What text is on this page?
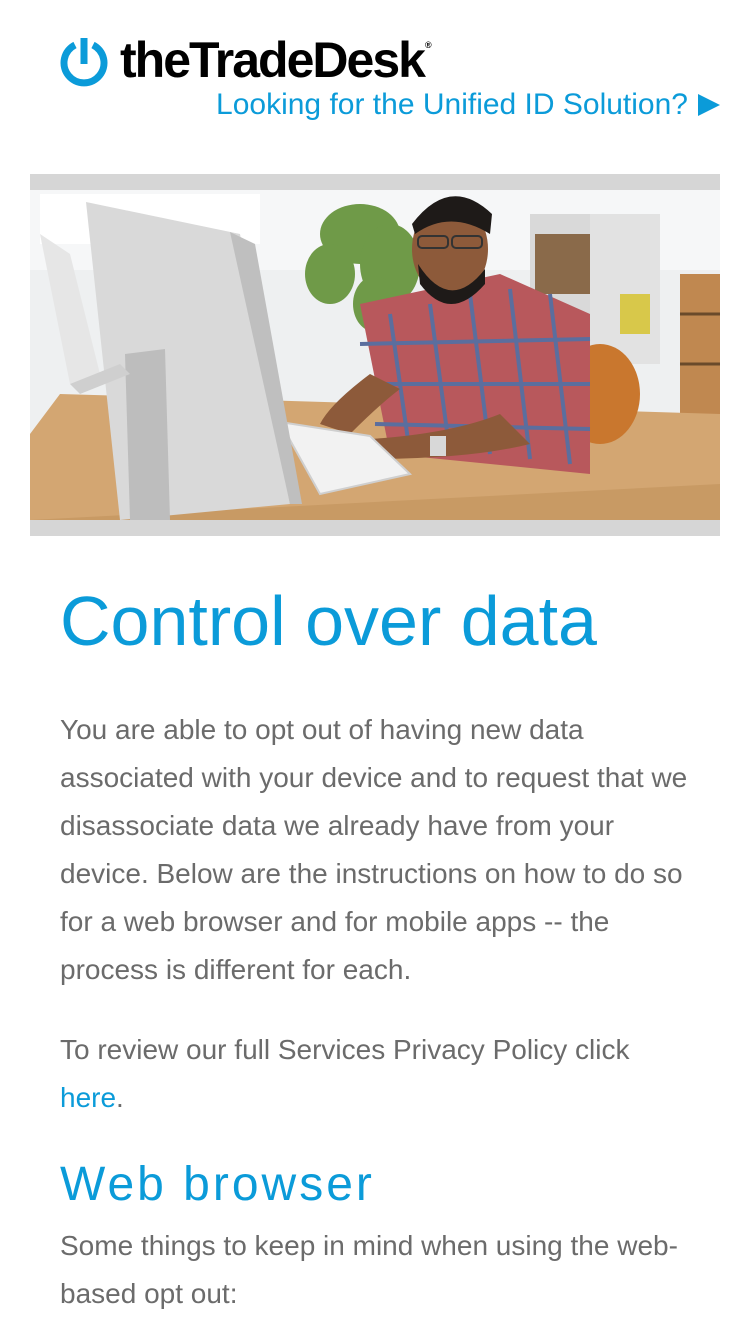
theTradeDesk®
Looking for the Unified ID Solution?
Control over data

You are able to opt out of having new data associated with your device and to request that we disassociate data we already have from your device. Below are the instructions on how to do so for a web browser and for mobile apps -- the process is different for each.

To review our full Services Privacy Policy click here.

Web browser

Some things to keep in mind when using the web-based opt out:
